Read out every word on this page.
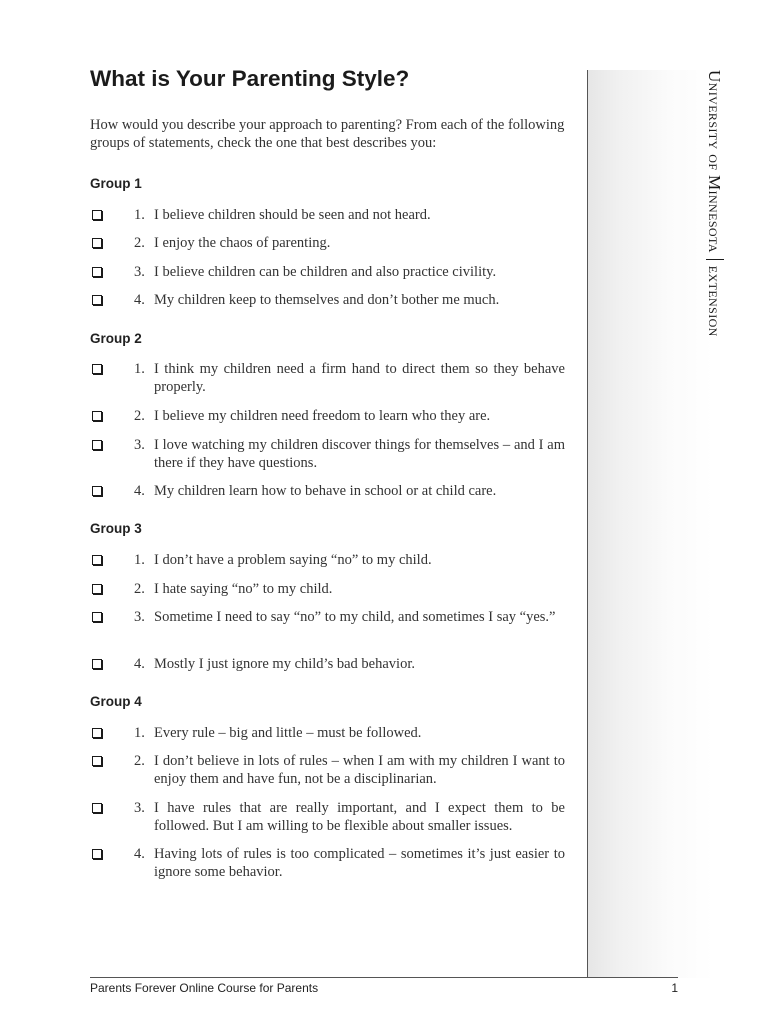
What is Your Parenting Style?

How would you describe your approach to parenting? From each of the following groups of statements, check the one that best describes you:

Group 1
1. I believe children should be seen and not heard.

2. I enjoy the chaos of parenting.

3. I believe children can be children and also practice civility.

4. My children keep to themselves and don’t bother me much.

Group 2
1. I think my children need a firm hand to direct them so they behave properly.

2. I believe my children need freedom to learn who they are.

3. I love watching my children discover things for themselves – and I am there if they have questions.

4. My children learn how to behave in school or at child care.

Group 3
1. I don’t have a problem saying “no” to my child.

2. I hate saying “no” to my child.

3. Sometime I need to say “no” to my child, and sometimes I say “yes.”

4. Mostly I just ignore my child’s bad behavior.

Group 4
1. Every rule – big and little – must be followed.

2. I don’t believe in lots of rules – when I am with my children I want to enjoy them and have fun, not be a disciplinarian.

3. I have rules that are really important, and I expect them to be followed. But I am willing to be flexible about smaller issues.

4. Having lots of rules is too complicated – sometimes it’s just easier to ignore some behavior.

University of Minnesotaextension
Parents Forever Online Course for Parents	1
